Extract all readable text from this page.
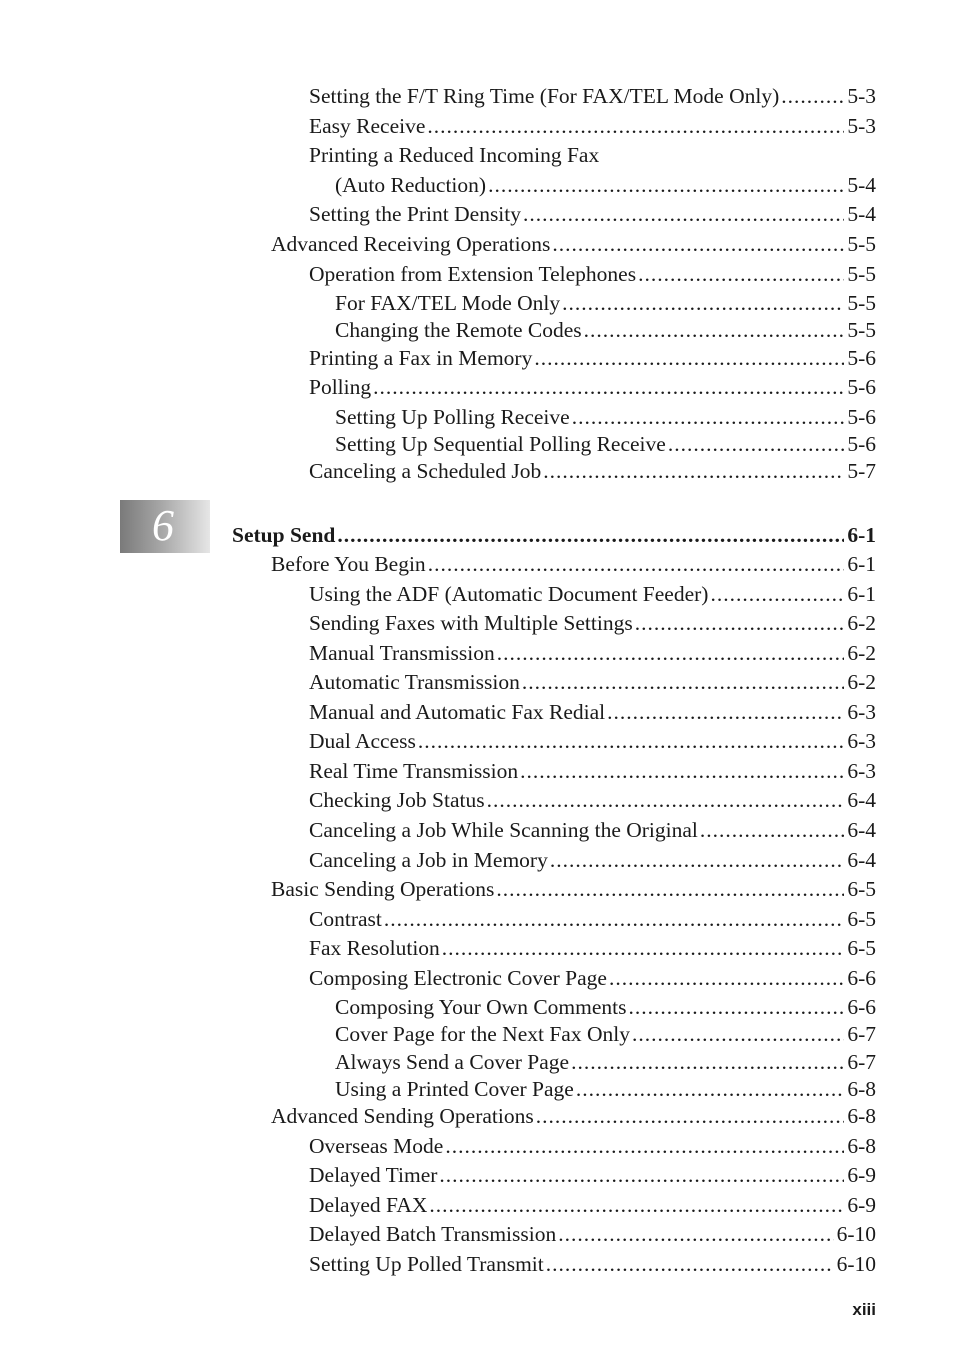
Setting the F/T Ring Time (For FAX/TEL Mode Only) .....	5-3
Easy Receive .....	5-3
Printing a Reduced Incoming Fax
(Auto Reduction) .....	5-4
Setting the Print Density .....	5-4
Advanced Receiving Operations .....	5-5
Operation from Extension Telephones .....	5-5
For FAX/TEL Mode Only .....	5-5
Changing the Remote Codes .....	5-5
Printing a Fax in Memory .....	5-6
Polling .....	5-6
Setting Up Polling Receive .....	5-6
Setting Up Sequential Polling Receive .....	5-6
Canceling a Scheduled Job .....	5-7
6	Setup Send .....	6-1
Before You Begin .....	6-1
Using the ADF (Automatic Document Feeder) .....	6-1
Sending Faxes with Multiple Settings .....	6-2
Manual Transmission .....	6-2
Automatic Transmission .....	6-2
Manual and Automatic Fax Redial .....	6-3
Dual Access .....	6-3
Real Time Transmission .....	6-3
Checking Job Status .....	6-4
Canceling a Job While Scanning the Original .....	6-4
Canceling a Job in Memory .....	6-4
Basic Sending Operations .....	6-5
Contrast .....	6-5
Fax Resolution .....	6-5
Composing Electronic Cover Page .....	6-6
Composing Your Own Comments .....	6-6
Cover Page for the Next Fax Only .....	6-7
Always Send a Cover Page .....	6-7
Using a Printed Cover Page .....	6-8
Advanced Sending Operations .....	6-8
Overseas Mode .....	6-8
Delayed Timer .....	6-9
Delayed FAX .....	6-9
Delayed Batch Transmission .....	6-10
Setting Up Polled Transmit .....	6-10
xiii
